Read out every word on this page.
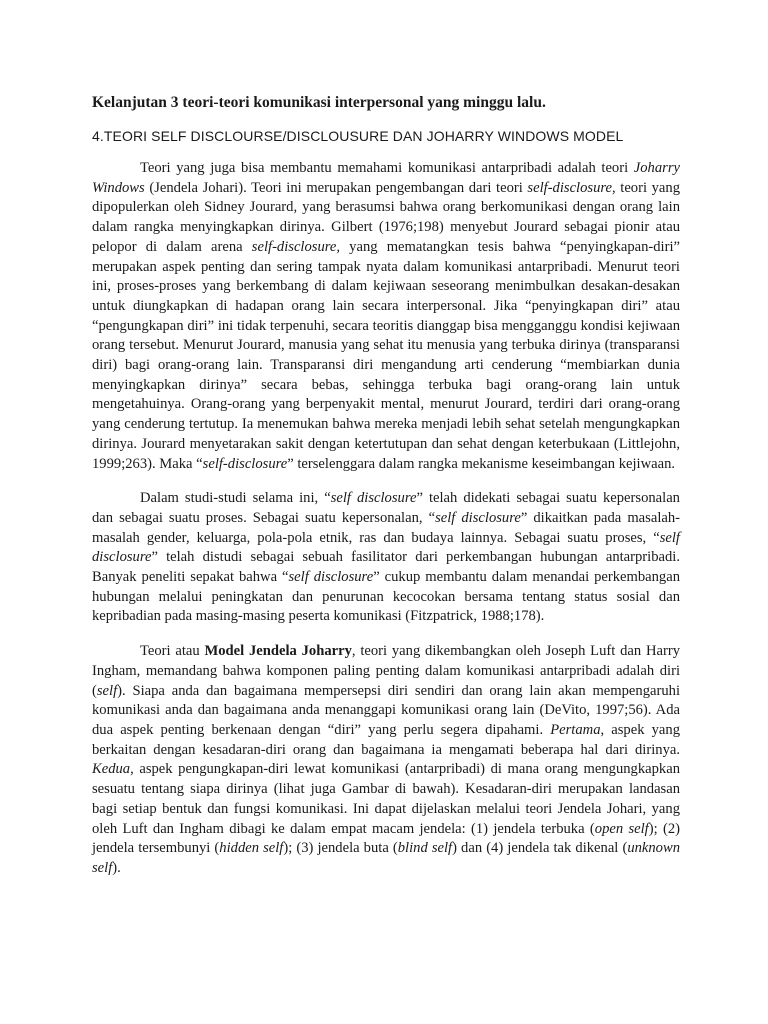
Kelanjutan 3 teori-teori komunikasi interpersonal yang minggu lalu.
4.TEORI SELF DISCLOURSE/DISCLOUSURE DAN JOHARRY WINDOWS MODEL

Teori yang juga bisa membantu memahami komunikasi antarpribadi adalah teori Joharry Windows (Jendela Johari). Teori ini merupakan pengembangan dari teori self-disclosure, teori yang dipopulerkan oleh Sidney Jourard, yang berasumsi bahwa orang berkomunikasi dengan orang lain dalam rangka menyingkapkan dirinya. Gilbert (1976;198) menyebut Jourard sebagai pionir atau pelopor di dalam arena self-disclosure, yang mematangkan tesis bahwa “penyingkapan-diri” merupakan aspek penting dan sering tampak nyata dalam komunikasi antarpribadi. Menurut teori ini, proses-proses yang berkembang di dalam kejiwaan seseorang menimbulkan desakan-desakan untuk diungkapkan di hadapan orang lain secara interpersonal. Jika “penyingkapan diri” atau “pengungkapan diri” ini tidak terpenuhi, secara teoritis dianggap bisa mengganggu kondisi kejiwaan orang tersebut. Menurut Jourard, manusia yang sehat itu menusia yang terbuka dirinya (transparansi diri) bagi orang-orang lain. Transparansi diri mengandung arti cenderung “membiarkan dunia menyingkapkan dirinya” secara bebas, sehingga terbuka bagi orang-orang lain untuk mengetahuinya. Orang-orang yang berpenyakit mental, menurut Jourard, terdiri dari orang-orang yang cenderung tertutup. Ia menemukan bahwa mereka menjadi lebih sehat setelah mengungkapkan dirinya. Jourard menyetarakan sakit dengan ketertutupan dan sehat dengan keterbukaan (Littlejohn, 1999;263). Maka “self-disclosure” terselenggara dalam rangka mekanisme keseimbangan kejiwaan.

Dalam studi-studi selama ini, “self disclosure” telah didekati sebagai suatu kepersonalan dan sebagai suatu proses. Sebagai suatu kepersonalan, “self disclosure” dikaitkan pada masalah-masalah gender, keluarga, pola-pola etnik, ras dan budaya lainnya. Sebagai suatu proses, “self disclosure” telah distudi sebagai sebuah fasilitator dari perkembangan hubungan antarpribadi. Banyak peneliti sepakat bahwa “self disclosure” cukup membantu dalam menandai perkembangan hubungan melalui peningkatan dan penurunan kecocokan bersama tentang status sosial dan kepribadian pada masing-masing peserta komunikasi (Fitzpatrick, 1988;178).

Teori atau Model Jendela Joharry, teori yang dikembangkan oleh Joseph Luft dan Harry Ingham, memandang bahwa komponen paling penting dalam komunikasi antarpribadi adalah diri (self). Siapa anda dan bagaimana mempersepsi diri sendiri dan orang lain akan mempengaruhi komunikasi anda dan bagaimana anda menanggapi komunikasi orang lain (DeVito, 1997;56). Ada dua aspek penting berkenaan dengan “diri” yang perlu segera dipahami. Pertama, aspek yang berkaitan dengan kesadaran-diri orang dan bagaimana ia mengamati beberapa hal dari dirinya. Kedua, aspek pengungkapan-diri lewat komunikasi (antarpribadi) di mana orang mengungkapkan sesuatu tentang siapa dirinya (lihat juga Gambar di bawah). Kesadaran-diri merupakan landasan bagi setiap bentuk dan fungsi komunikasi. Ini dapat dijelaskan melalui teori Jendela Johari, yang oleh Luft dan Ingham dibagi ke dalam empat macam jendela: (1) jendela terbuka (open self); (2) jendela tersembunyi (hidden self); (3) jendela buta (blind self) dan (4) jendela tak dikenal (unknown self).
